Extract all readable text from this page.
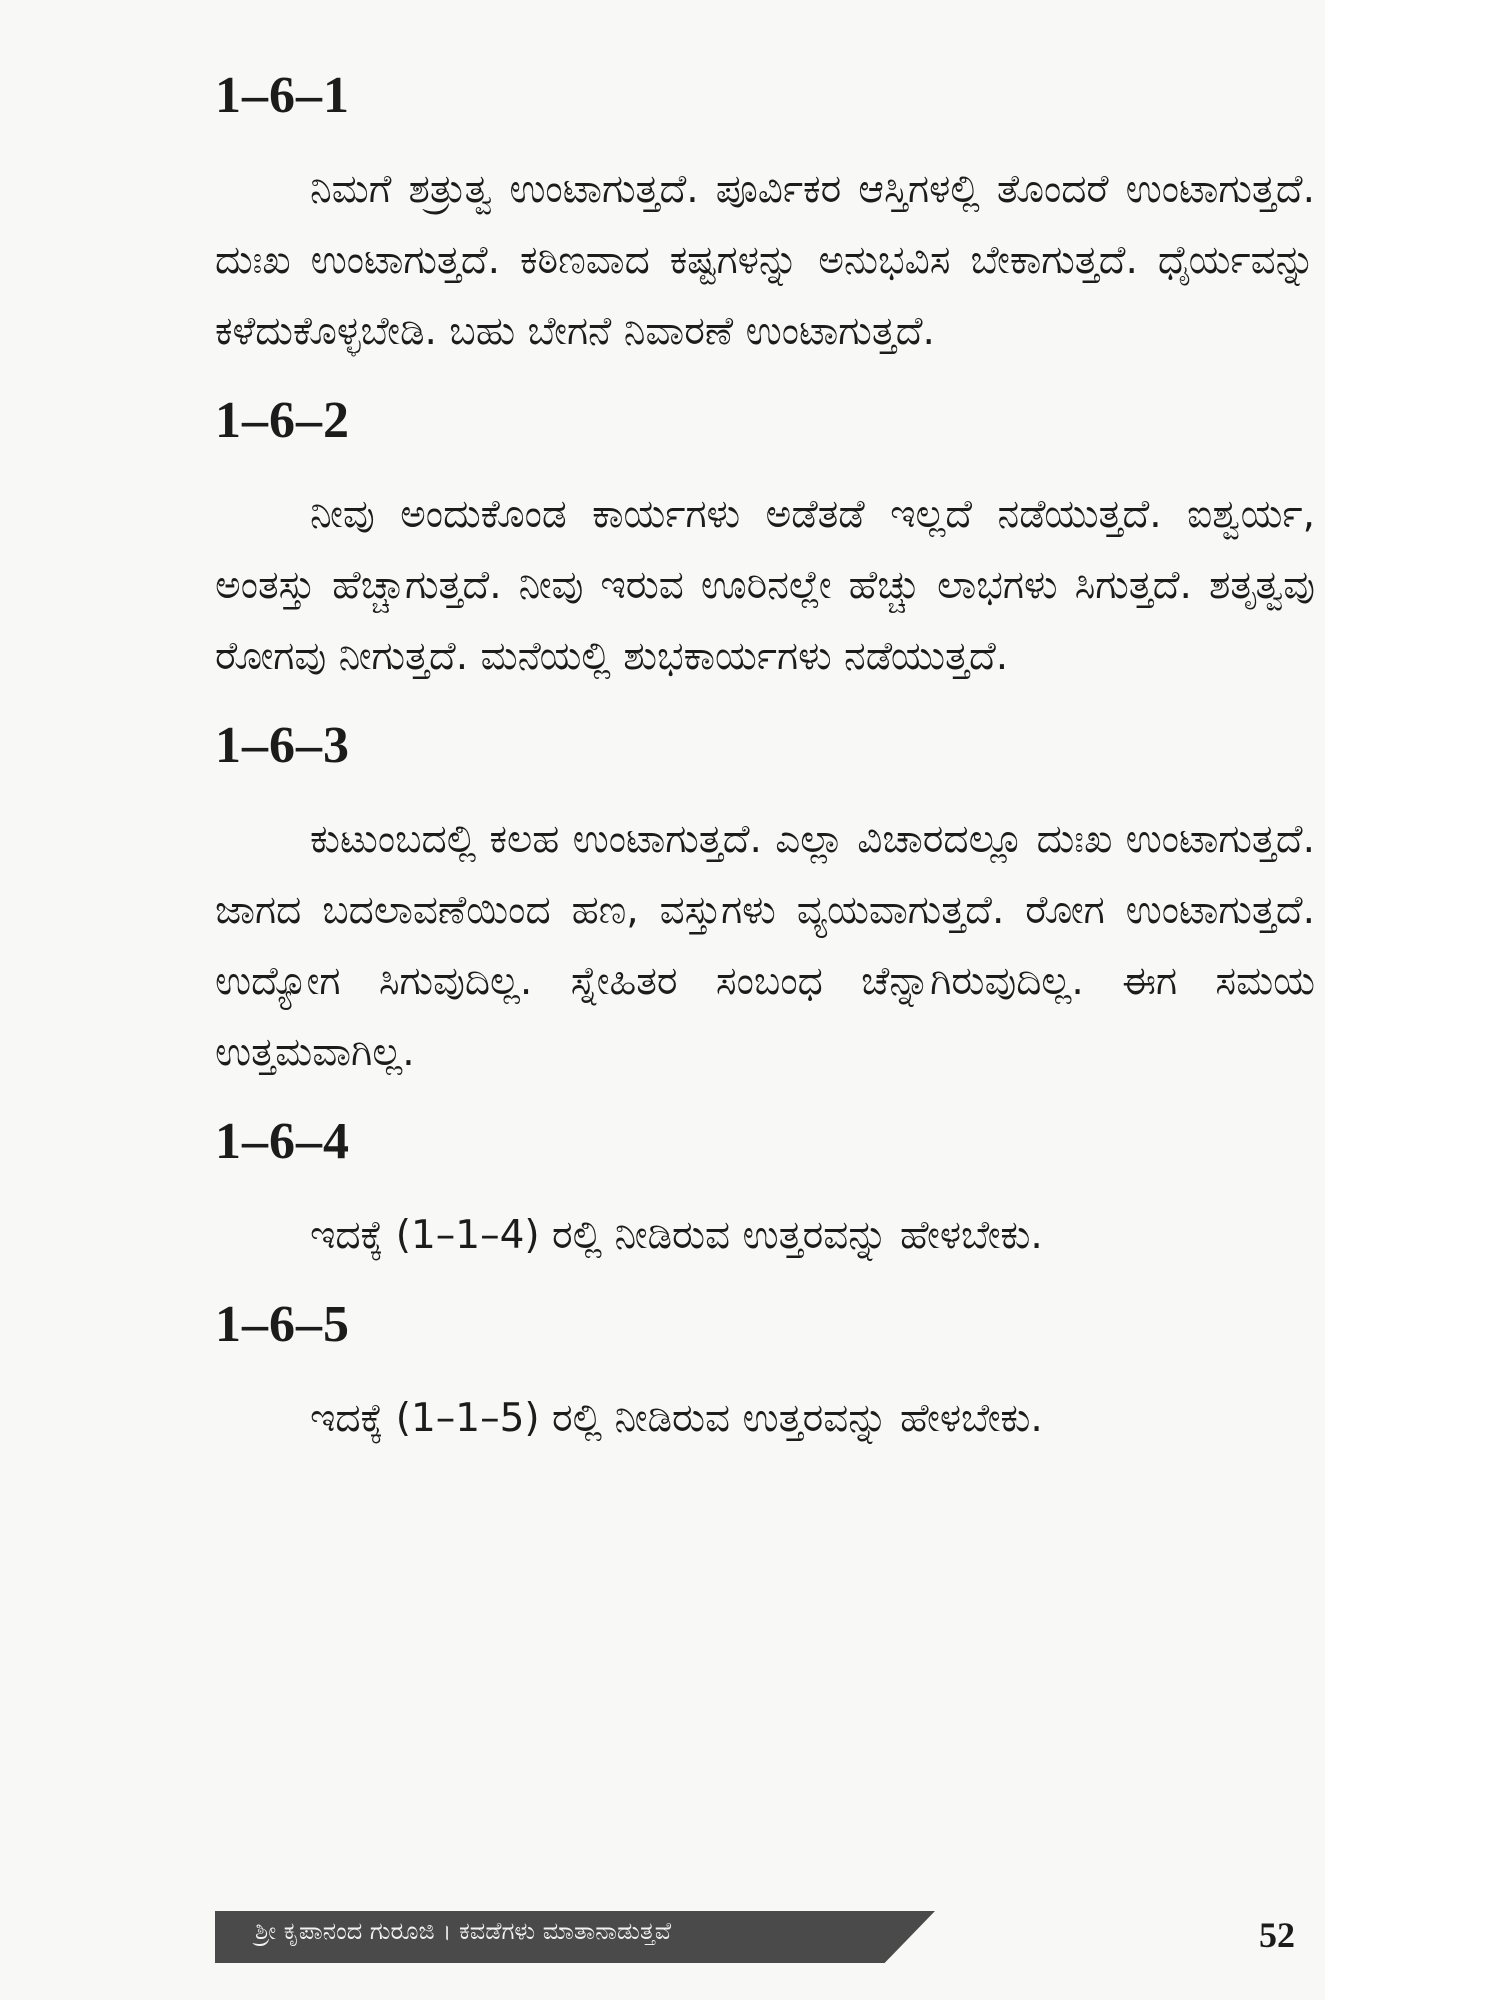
1–6–1

ನಿಮಗೆ ಶತ್ರುತ್ವ ಉಂಟಾಗುತ್ತದೆ. ಪೂರ್ವಿಕರ ಆಸ್ತಿಗಳಲ್ಲಿ ತೊಂದರೆ ಉಂಟಾಗುತ್ತದೆ. ದುಃಖ ಉಂಟಾಗುತ್ತದೆ. ಕಠಿಣವಾದ ಕಷ್ಟಗಳನ್ನು ಅನುಭವಿಸ ಬೇಕಾಗುತ್ತದೆ. ಧೈರ್ಯವನ್ನು ಕಳೆದುಕೊಳ್ಳಬೇಡಿ. ಬಹು ಬೇಗನೆ ನಿವಾರಣೆ ಉಂಟಾಗುತ್ತದೆ.

1–6–2

ನೀವು ಅಂದುಕೊಂಡ ಕಾರ್ಯಗಳು ಅಡೆತಡೆ ಇಲ್ಲದೆ ನಡೆಯುತ್ತದೆ. ಐಶ್ವರ್ಯ, ಅಂತಸ್ತು ಹೆಚ್ಚಾಗುತ್ತದೆ. ನೀವು ಇರುವ ಊರಿನಲ್ಲೇ ಹೆಚ್ಚು ಲಾಭಗಳು ಸಿಗುತ್ತದೆ. ಶತೃತ್ವವು ರೋಗವು ನೀಗುತ್ತದೆ. ಮನೆಯಲ್ಲಿ ಶುಭಕಾರ್ಯಗಳು ನಡೆಯುತ್ತದೆ.

1–6–3

ಕುಟುಂಬದಲ್ಲಿ ಕಲಹ ಉಂಟಾಗುತ್ತದೆ. ಎಲ್ಲಾ ವಿಚಾರದಲ್ಲೂ ದುಃಖ ಉಂಟಾಗುತ್ತದೆ. ಜಾಗದ ಬದಲಾವಣೆಯಿಂದ ಹಣ, ವಸ್ತುಗಳು ವ್ಯಯವಾಗುತ್ತದೆ. ರೋಗ ಉಂಟಾಗುತ್ತದೆ. ಉದ್ಯೋಗ ಸಿಗುವುದಿಲ್ಲ. ಸ್ನೇಹಿತರ ಸಂಬಂಧ ಚೆನ್ನಾಗಿರುವುದಿಲ್ಲ. ಈಗ ಸಮಯ ಉತ್ತಮವಾಗಿಲ್ಲ.

1–6–4

ಇದಕ್ಕೆ (1–1–4) ರಲ್ಲಿ ನೀಡಿರುವ ಉತ್ತರವನ್ನು ಹೇಳಬೇಕು.

1–6–5

ಇದಕ್ಕೆ (1–1–5) ರಲ್ಲಿ ನೀಡಿರುವ ಉತ್ತರವನ್ನು ಹೇಳಬೇಕು.

ಶ್ರೀ ಕೃಪಾನಂದ ಗುರೂಜಿ । ಕವಡೆಗಳು ಮಾತಾನಾಡುತ್ತವೆ	52
